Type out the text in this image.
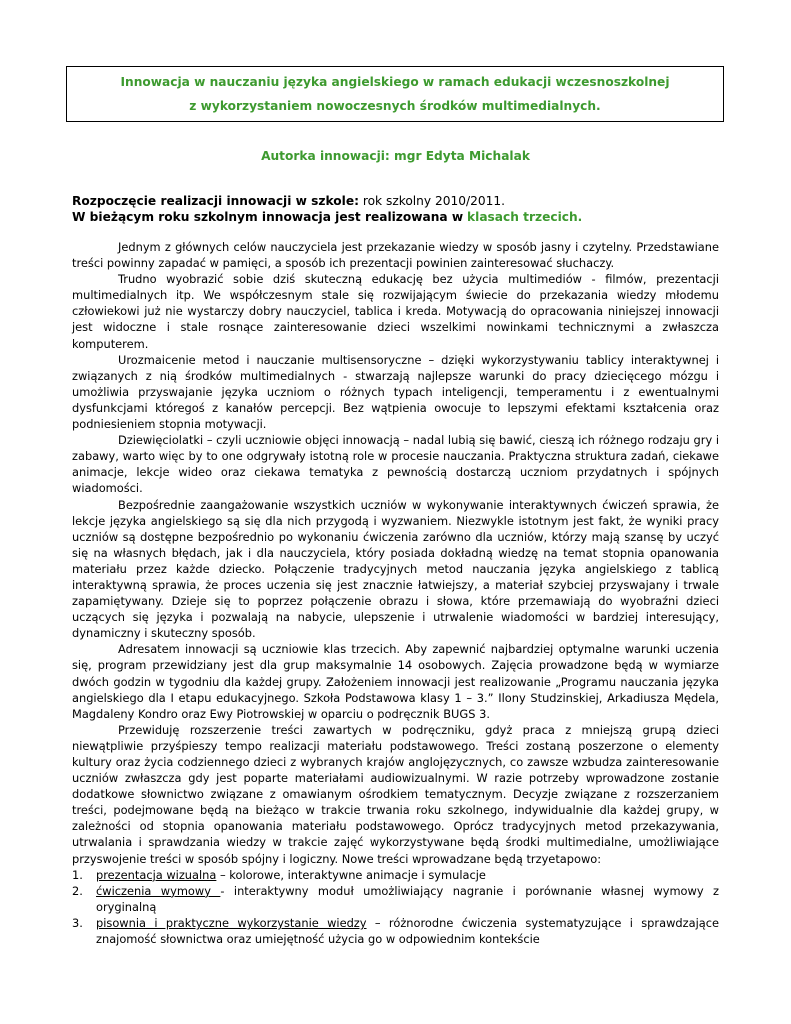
Innowacja w nauczaniu języka angielskiego w ramach edukacji wczesnoszkolnej
z wykorzystaniem nowoczesnych środków multimedialnych.
Autorka innowacji: mgr Edyta Michalak
Rozpoczęcie realizacji innowacji w szkole: rok szkolny 2010/2011.
W bieżącym roku szkolnym innowacja jest realizowana w klasach trzecich.

Jednym z głównych celów nauczyciela jest przekazanie wiedzy w sposób jasny i czytelny. Przedstawiane treści powinny zapadać w pamięci, a sposób ich prezentacji powinien zainteresować słuchaczy.

Trudno wyobrazić sobie dziś skuteczną edukację bez użycia multimediów - filmów, prezentacji multimedialnych itp. We współczesnym stale się rozwijającym świecie do przekazania wiedzy młodemu człowiekowi już nie wystarczy dobry nauczyciel, tablica i kreda. Motywacją do opracowania niniejszej innowacji jest widoczne i stale rosnące zainteresowanie dzieci wszelkimi nowinkami technicznymi a zwłaszcza komputerem.

Urozmaicenie metod i nauczanie multisensoryczne – dzięki wykorzystywaniu tablicy interaktywnej i związanych z nią środków multimedialnych - stwarzają najlepsze warunki do pracy dziecięcego mózgu i umożliwia przyswajanie języka uczniom o różnych typach inteligencji, temperamentu i z ewentualnymi dysfunkcjami któregoś z kanałów percepcji. Bez wątpienia owocuje to lepszymi efektami kształcenia oraz podniesieniem stopnia motywacji.

Dziewięciolatki – czyli uczniowie objęci innowacją – nadal lubią się bawić, cieszą ich różnego rodzaju gry i zabawy, warto więc by to one odgrywały istotną role w procesie nauczania. Praktyczna struktura zadań, ciekawe animacje, lekcje wideo oraz ciekawa tematyka z pewnością dostarczą uczniom przydatnych i spójnych wiadomości.

Bezpośrednie zaangażowanie wszystkich uczniów w wykonywanie interaktywnych ćwiczeń sprawia, że lekcje języka angielskiego są się dla nich przygodą i wyzwaniem. Niezwykle istotnym jest fakt, że wyniki pracy uczniów są dostępne bezpośrednio po wykonaniu ćwiczenia zarówno dla uczniów, którzy mają szansę by uczyć się na własnych błędach, jak i dla nauczyciela, który posiada dokładną wiedzę na temat stopnia opanowania materiału przez każde dziecko. Połączenie tradycyjnych metod nauczania języka angielskiego z tablicą interaktywną sprawia, że proces uczenia się jest znacznie łatwiejszy, a materiał szybciej przyswajany i trwale zapamiętywany. Dzieje się to poprzez połączenie obrazu i słowa, które przemawiają do wyobraźni dzieci uczących się języka i pozwalają na nabycie, ulepszenie i utrwalenie wiadomości w bardziej interesujący, dynamiczny i skuteczny sposób.

Adresatem innowacji są uczniowie klas trzecich. Aby zapewnić najbardziej optymalne warunki uczenia się, program przewidziany jest dla grup maksymalnie 14 osobowych. Zajęcia prowadzone będą w wymiarze dwóch godzin w tygodniu dla każdej grupy. Założeniem innowacji jest realizowanie „Programu nauczania języka angielskiego dla I etapu edukacyjnego. Szkoła Podstawowa klasy 1 – 3.” Ilony Studzinskiej, Arkadiusza Mędela, Magdaleny Kondro oraz Ewy Piotrowskiej w oparciu o podręcznik BUGS 3.

Przewiduję rozszerzenie treści zawartych w podręczniku, gdyż praca z mniejszą grupą dzieci niewątpliwie przyśpieszy tempo realizacji materiału podstawowego. Treści zostaną poszerzone o elementy kultury oraz życia codziennego dzieci z wybranych krajów anglojęzycznych, co zawsze wzbudza zainteresowanie uczniów zwłaszcza gdy jest poparte materiałami audiowizualnymi. W razie potrzeby wprowadzone zostanie dodatkowe słownictwo związane z omawianym ośrodkiem tematycznym. Decyzje związane z rozszerzaniem treści, podejmowane będą na bieżąco w trakcie trwania roku szkolnego, indywidualnie dla każdej grupy, w zależności od stopnia opanowania materiału podstawowego. Oprócz tradycyjnych metod przekazywania, utrwalania i sprawdzania wiedzy w trakcie zajęć wykorzystywane będą środki multimedialne, umożliwiające przyswojenie treści w sposób spójny i logiczny. Nowe treści wprowadzane będą trzyetapowo:

1. prezentacja wizualna – kolorowe, interaktywne animacje i symulacje
2. ćwiczenia wymowy - interaktywny moduł umożliwiający nagranie i porównanie własnej wymowy z oryginalną
3. pisownia i praktyczne wykorzystanie wiedzy – różnorodne ćwiczenia systematyzujące i sprawdzające znajomość słownictwa oraz umiejętność użycia go w odpowiednim kontekście
